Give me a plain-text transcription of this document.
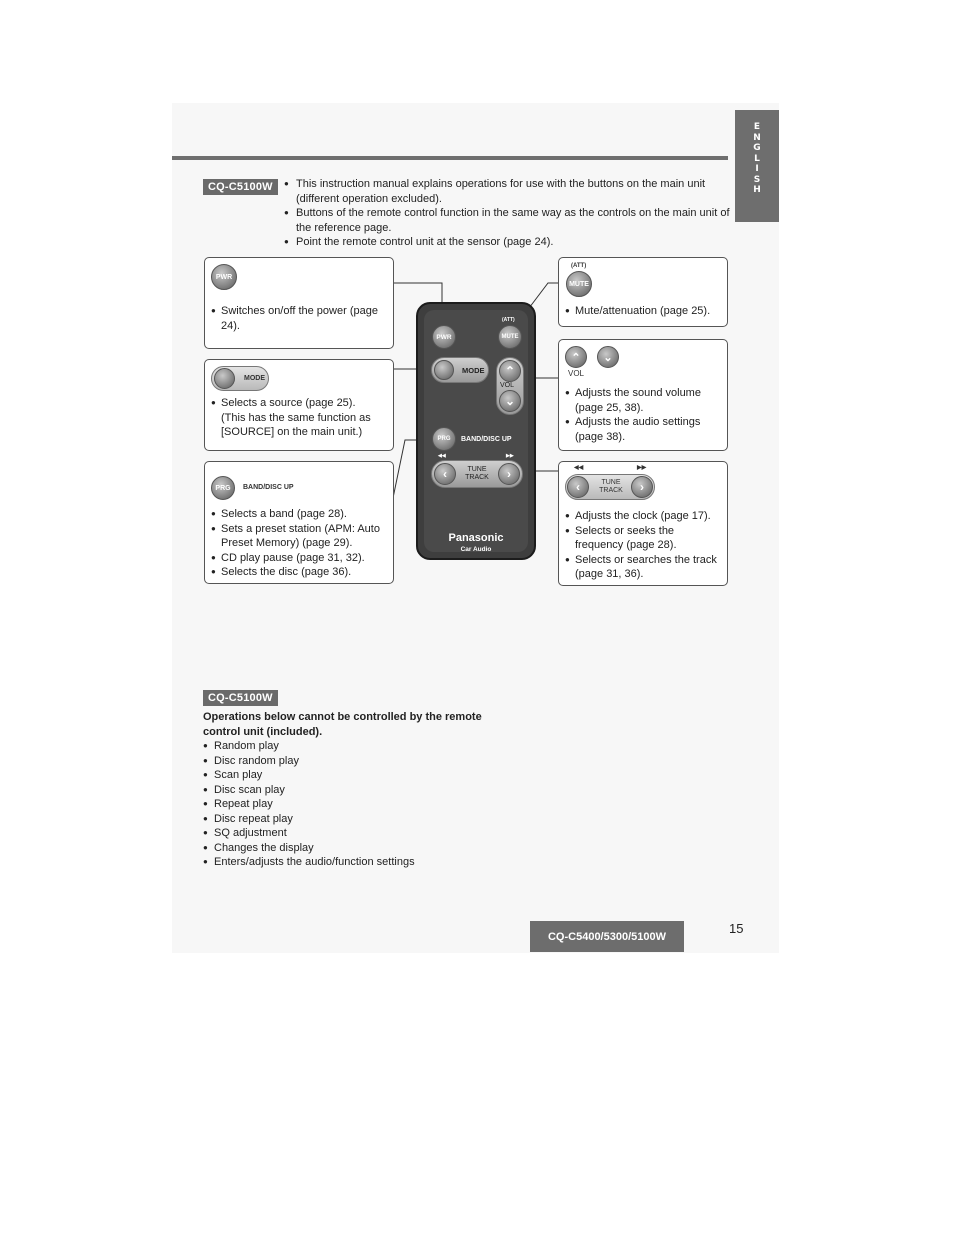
E
N
G
L
I
S
H
CQ-C5100W
●	This instruction manual explains operations for use with the buttons on the main unit (different operation excluded).
● Buttons of the remote control function in the same way as the controls on the main unit of the reference page.
● Point the remote control unit at the sensor (page 24).
PWR
● Switches on/off the power (page 24).
MODE
● Selects a source (page 25). (This has the same function as [SOURCE] on the main unit.)
PRG	BAND/DISC UP
● Selects a band (page 28).
● Sets a preset station (APM: Auto Preset Memory) (page 29).
● CD play pause (page 31, 32).
● Selects the disc (page 36).
(ATT)
MUTE
● Mute/attenuation (page 25).
⌃	⌄
VOL
● Adjusts the sound volume (page 25, 38).
● Adjusts the audio settings (page 38).
◀◀	▶▶
‹	TUNE TRACK	›
● Adjusts the clock (page 17).
● Selects or seeks the frequency (page 28).
● Selects or searches the track (page 31, 36).
PWR
(ATT)
MUTE
MODE	⌃
VOL
⌄
PRG	BAND/DISC UP
◀◀	▶▶
‹	TUNE
TRACK	›
Panasonic
Car Audio
CQ-C5100W
Operations below cannot be controlled by the remote control unit (included).
● Random play
● Disc random play
● Scan play
● Disc scan play
● Repeat play
● Disc repeat play
● SQ adjustment
● Changes the display
● Enters/adjusts the audio/function settings
CQ-C5400/5300/5100W
15
